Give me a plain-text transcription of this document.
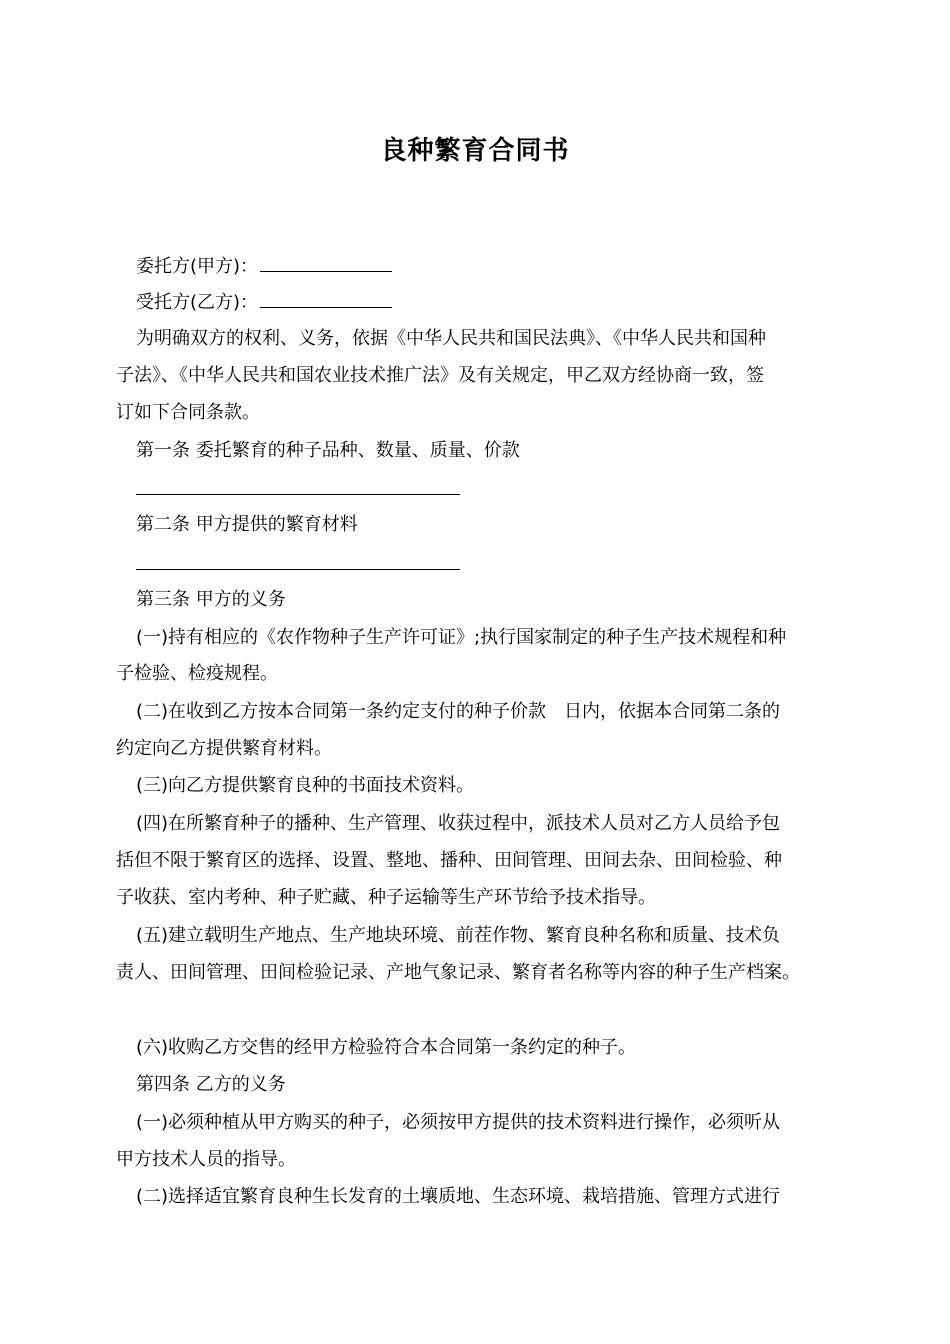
良种繁育合同书
委托方(甲方)：
受托方(乙方)：
为明确双方的权利、义务，依据《中华人民共和国民法典》、《中华人民共和国种
子法》、《中华人民共和国农业技术推广法》及有关规定，甲乙双方经协商一致，签
订如下合同条款。
第一条 委托繁育的种子品种、数量、质量、价款
第二条 甲方提供的繁育材料
第三条 甲方的义务
(一)持有相应的《农作物种子生产许可证》;执行国家制定的种子生产技术规程和种
子检验、检疫规程。
(二)在收到乙方按本合同第一条约定支付的种子价款 日内，依据本合同第二条的
约定向乙方提供繁育材料。
(三)向乙方提供繁育良种的书面技术资料。
(四)在所繁育种子的播种、生产管理、收获过程中，派技术人员对乙方人员给予包
括但不限于繁育区的选择、设置、整地、播种、田间管理、田间去杂、田间检验、种
子收获、室内考种、种子贮藏、种子运输等生产环节给予技术指导。
(五)建立载明生产地点、生产地块环境、前茬作物、繁育良种名称和质量、技术负
责人、田间管理、田间检验记录、产地气象记录、繁育者名称等内容的种子生产档案。
(六)收购乙方交售的经甲方检验符合本合同第一条约定的种子。
第四条 乙方的义务
(一)必须种植从甲方购买的种子，必须按甲方提供的技术资料进行操作，必须听从
甲方技术人员的指导。
(二)选择适宜繁育良种生长发育的土壤质地、生态环境、栽培措施、管理方式进行
